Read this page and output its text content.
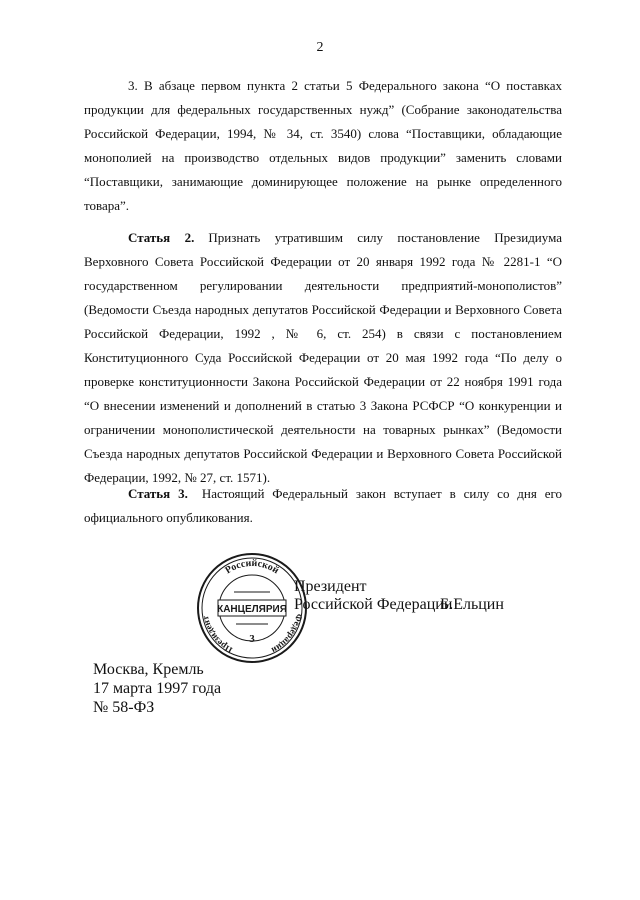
2
3. В абзаце первом пункта 2 статьи 5 Федерального закона “О поставках продукции для федеральных государственных нужд” (Собрание законодательства Российской Федерации, 1994, № 34, ст. 3540) слова “Поставщики, обладающие монополией на производство отдельных видов продукции” заменить словами “Поставщики, занимающие доминирующее положение на рынке определенного товара”.
Статья 2. Признать утратившим силу постановление Президиума Верховного Совета Российской Федерации от 20 января 1992 года № 2281-1 “О государственном регулировании деятельности предприятий-монополистов” (Ведомости Съезда народных депутатов Российской Федерации и Верховного Совета Российской Федерации, 1992 , № 6, ст. 254) в связи с постановлением Конституционного Суда Российской Федерации от 20 мая 1992 года “По делу о проверке конституционности Закона Российской Федерации от 22 ноября 1991 года “О внесении изменений и дополнений в статью 3 Закона РСФСР “О конкуренции и ограничении монополистической деятельности на товарных рынках” (Ведомости Съезда народных депутатов Российской Федерации и Верховного Совета Российской Федерации, 1992, № 27, ст. 1571).
Статья 3. Настоящий Федеральный закон вступает в силу со дня его официального опубликования.
Президент
Российской Федерации
Б.Ельцин
Российской
Президент	Федерации
КАНЦЕЛЯРИЯ
3
Москва, Кремль
17 марта 1997 года
№ 58-ФЗ
